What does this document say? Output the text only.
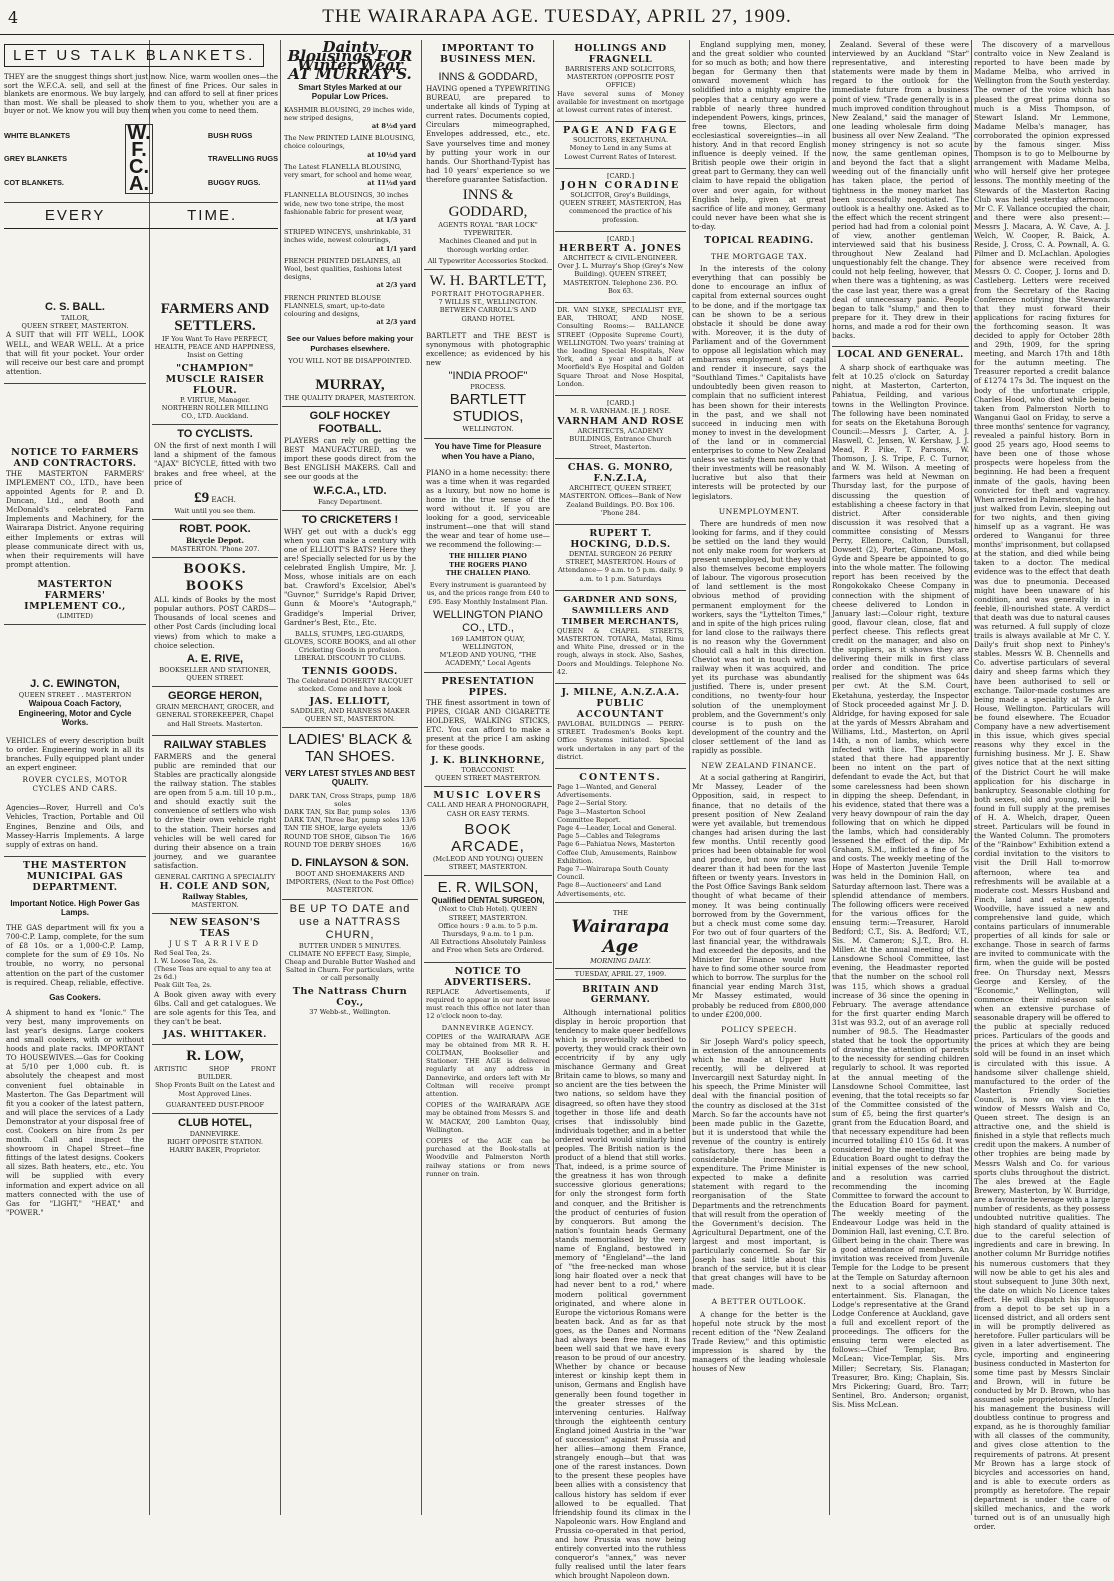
4	THE WAIRARAPA AGE. TUESDAY, APRIL 27, 1909.
LET US TALK BLANKETS.

THEY are the snuggest things short just now. Nice, warm woollen ones—the sort the W.F.C.A. sell, and sell at the finest of fine Prices. Our sales in blankets are enormous. We buy largely, and can afford to sell at finer prices than most. We shall be pleased to show them to you, whether you are a buyer or not. We know you will buy them when you come to need them.

WHITE BLANKETS
GREY BLANKETS
COT BLANKETS.
W.
F.
C.
A.
BUSH RUGS
TRAVELLING RUGS
BUGGY RUGS.
EVERY	TIME.
C. S. BALL.
TAILOR,
QUEEN STREET, MASTERTON.

A SUIT that will FIT WELL, LOOK WELL, and WEAR WELL. At a price that will fit your pocket. Your order will receive our best care and prompt attention.

NOTICE TO FARMERS AND CONTRACTORS.

THE MASTERTON FARMERS' IMPLEMENT CO., LTD., have been appointed Agents for P. and D. Duncan, Ltd., and Booth and McDonald's celebrated Farm Implements and Machinery, for the Wairarapa District. Anyone requiring either Implements or extras will please communicate direct with us, when their requirements will have prompt attention.

MASTERTON FARMERS' IMPLEMENT CO.,
(LIMITED)
J. C. EWINGTON,
QUEEN STREET . . MASTERTON
Waipoua Coach Factory, Engineering, Motor and Cycle Works.

VEHICLES of every description built to order. Engineering work in all its branches. Fully equipped plant under an expert engineer.

ROVER CYCLES, MOTOR CYCLES AND CARS.

Agencies—Rover, Hurrell and Co's Vehicles, Traction, Portable and Oil Engines, Benzine and Oils, and Massey-Harris Implements. A large supply of extras on hand.

THE MASTERTON MUNICIPAL GAS DEPARTMENT.
Important Notice. High Power Gas Lamps.

THE GAS department will fix you a 700-C.P. Lamp, complete, for the sum of £8 10s. or a 1,000-C.P. Lamp, complete for the sum of £9 10s. No trouble, no worry, no personal attention on the part of the customer is required. Cheap, reliable, effective.

Gas Cookers.

A shipment to hand ex "Ionic." The very best, many improvements on last year's designs. Large cookers and small cookers, with or without hoods and plate racks. IMPORTANT TO HOUSEWIVES.—Gas for Cooking at 5/10 per 1,000 cub. ft. is absolutely the cheapest and most convenient fuel obtainable in Masterton. The Gas Department will fit you a cooker of the latest pattern, and will place the services of a Lady Demonstrator at your disposal free of cost. Cookers on hire from 2s per month. Call and inspect the showroom in Chapel Street—fine fittings of the latest designs. Cookers all sizes. Bath heaters, etc., etc. You will be supplied with every information and expert advice on all matters connected with the use of Gas for "LIGHT," "HEAT," and "POWER."

FARMERS AND SETTLERS.

IF You Want To Have PERFECT, HEALTH, PEACE AND HAPPINESS, Insist on Getting

"CHAMPION" MUSCLE RAISER FLOUR.
P. VIRTUE, Manager.
NORTHERN ROLLER MILLING CO., LTD. Auckland.
TO CYCLISTS.

ON the first of next month I will land a shipment of the famous "AJAX" BICYCLE, fitted with two brakes and free wheel, at the price of

£9 EACH.
Wait until you see them.
ROBT. POOK.
Bicycle Depot.
MASTERTON. 'Phone 207.
BOOKS. BOOKS

ALL kinds of Books by the most popular authors. POST CARDS—Thousands of local scenes and other Post Cards (including local views) from which to make a choice selection.

A. E. RIVE,
BOOKSELLER AND STATIONER, QUEEN STREET.
GEORGE HERON,

GRAIN MERCHANT, GROCER, and GENERAL STOREKEEPER, Chapel and Hall Streets. Masterton.

RAILWAY STABLES

FARMERS and the general public are reminded that our Stables are practically alongside the railway station. The stables are open from 5 a.m. till 10 p.m., and should exactly suit the convenience of settlers who wish to drive their own vehicle right to the station. Their horses and vehicles will be well cared for during their absence on a train journey, and we guarantee satisfaction.

GENERAL CARTING A SPECIALITY
H. COLE AND SON,
Railway Stables,
MASTERTON.
NEW SEASON'S TEAS
JUST ARRIVED
Red Seal Tea, 2s.
I. W. Loose Tea, 2s.
(These Teas are equal to any tea at 2s 6d.)
Peak Gilt Tea, 2s.

A Book given away with every 6lbs. Call and get catalogues. We are sole agents for this Tea, and they can't be beat.

JAS. WHITTAKER.
R. LOW,
ARTISTIC	SHOP	FRONT
BUILDER.

Shop Fronts Built on the Latest and Most Approved Lines.

GUARANTEED DUST-PROOF
CLUB HOTEL,
DANNEVIRKE.
RIGHT OPPOSITE STATION.
HARRY BAKER, Proprietor.
Dainty Blousings FOR Winter Wear AT MURRAY'S.
Smart Styles Marked at our Popular Low Prices.
KASHMIR BLOUSING, 29 inches wide, new striped designs,
at 8½d yard
The New PRINTED LAINE BLOUSING, choice colourings,
at 10½d yard
The Latest FLANELLA BLOUSING, very smart, for school and home wear,
at 11½d yard
FLANNELLA BLOUSINGS, 30 inches wide, new two tone stripe, the most fashionable fabric for present wear,
at 1/3 yard
STRIPED WINCEYS, unshrinkable, 31 inches wide, newest colourings,
at 1/1 yard
FRENCH PRINTED DELAINES, all Wool, best qualities, fashions latest designs,
at 2/3 yard
FRENCH PRINTED BLOUSE FLANNELS, smart, up-to-date colouring and designs,
at 2/3 yard
See our Values before making your Purchases elsewhere.
YOU WILL NOT BE DISAPPOINTED.
MURRAY,
THE QUALITY DRAPER, MASTERTON.
GOLF HOCKEY FOOTBALL.

PLAYERS can rely on getting the BEST MANUFACTURED, as we import these goods direct from the Best ENGLISH MAKERS. Call and see our goods at the

W.F.C.A., LTD.
Fancy Department.
TO CRICKETERS !

WHY get out with a duck's egg when you can make a century with one of ELLIOTT'S BATS? Here they are! Specially selected for us by the celebrated English Umpire, Mr. J. Moss, whose initials are on each bat. Crawford's Excelsior, Abel's "Guvnor," Surridge's Rapid Driver, Gunn & Moore's "Autograph," Gradidge's Imperial Driver, Gardner's Best, Etc., Etc.

BALLS, STUMPS, LEG-GUARDS, GLOVES, SCORE BOOKS, and all other Cricketing Goods in profusion. LIBERAL DISCOUNT TO CLUBS.

TENNIS GOODS.

The Celebrated DOHERTY RACQUET stocked. Come and have a look

JAS. ELLIOTT,
SADDLER, AND HARNESS MAKER QUEEN ST., MASTERTON.
LADIES' BLACK & TAN SHOES.
VERY LATEST STYLES AND BEST QUALITY.
DARK TAN, Cross Straps, pump soles
18/6
DARK TAN, Six Bar, pump soles 13/6
DARK TAN, Three Bar, pump soles 13/6
TAN TIE SHOE, large eyelets	13/6
ROUND TOE SHOE, Gibson Tie 16/6
ROUND TOE DERBY SHOES	16/6
D. FINLAYSON & SON.
BOOT AND SHOEMAKERS AND IMPORTERS, (Next to the Post Office) MASTERTON.
BE UP TO DATE and use a NATTRASS CHURN,

BUTTER UNDER 5 MINUTES. CLIMATE NO EFFECT Easy, Simple, Cheap and Durable Butter Washed and Salted in Churn. For particulars, write or call personally

The Nattrass Churn Coy.,
37 Webb-st., Wellington.
IMPORTANT TO BUSINESS MEN.
INNS & GODDARD,

HAVING opened a TYPEWRITING BUREAU, are prepared to undertake all kinds of Typing at current rates. Documents copied, Circulars mimeographed, Envelopes addressed, etc., etc. Save yourselves time and money by putting your work in our hands. Our Shorthand-Typist has had 10 years' experience so we therefore guarantee Satisfaction.

INNS & GODDARD,
AGENTS ROYAL "BAR LOCK" TYPEWRITER.

Machines Cleaned and put in thorough working order.

All Typewriter Accessories Stocked.
W. H. BARTLETT,
PORTRAIT PHOTOGRAPHER.
7 WILLIS ST., WELLINGTON.
BETWEEN CARROLL'S AND GRAND HOTEL

BARTLETT and THE BEST is synonymous with photographic excellence; as evidenced by his new

"INDIA PROOF"
PROCESS.
BARTLETT STUDIOS,
WELLINGTON.
You have Time for Pleasure when You have a Piano,

PIANO in a home necessity: there was a time when it was regarded as a luxury, but now no home is home in the true sense of the word without it. If you are looking for a good, serviceable instrument—one that will stand the wear and tear of home use—we recommend the following:—

THE HILLIER PIANO
THE ROGERS PIANO
THE CHALLEN PIANO.

Every instrument is guaranteed by us, and the prices range from £40 to £95. Easy Monthly Instalment Plan.

WELLINGTON PIANO CO., LTD.,
169 LAMBTON QUAY, WELLINGTON,
M'LEOD AND YOUNG, "THE ACADEMY," Local Agents
PRESENTATION PIPES.

THE finest assortment in town of PIPES, CIGAR AND CIGARETTE HOLDERS, WALKING STICKS, ETC. You can afford to make a present at the price I am asking for these goods.

J. K. BLINKHORNE,
TOBACCONIST.
QUEEN STREET MASTERTON.
MUSIC LOVERS

CALL AND HEAR A PHONOGRAPH, CASH OR EASY TERMS.

BOOK ARCADE,
(McLEOD AND YOUNG) QUEEN STREET, MASTERTON.
E. R. WILSON,
Qualified DENTAL SURGEON,
(Next to Club Hotel). QUEEN STREET, MASTERTON.
Office hours : 9 a.m. to 5 p.m. Thursdays, 9 a.m. to 1 p.m.

All Extractions Absolutely Painless and Free when Sets are Ordered.

NOTICE TO ADVERTISERS.

REPLACE Advertisements, if required to appear in our next issue must reach this office not later than 12 o'clock noon to-day.

DANNEVIRKE AGENCY.

COPIES of the WAIRARAPA AGE may be obtained from MR R. H. COLTMAN, Bookseller and Stationer. THE AGE is delivered regularly at any address in Dannevirke, and orders left with Mr Coltman will receive prompt attention.

COPIES of the WAIRARAPA AGE may be obtained from Messrs S. and W. MACKAY, 200 Lambton Quay, Wellington.

COPIES of the AGE can be purchased at the Book-stalls at Woodville and Palmerston North railway stations or from news runner on train.

HOLLINGS AND FRAGNELL
BARRISTERS AND SOLICITORS, MASTERTON (OPPOSITE POST OFFICE)

Have several sums of Money available for investment on mortgage at lowest current rates of interest.

PAGE AND FAGE
SOLICITORS, EKETAHUNA.

Money to Lend in any Sums at Lowest Current Rates of Interest.

[CARD.]
JOHN CORADINE

SOLICITOR, Grey's Buildings, QUEEN STREET, MASTERTON, Has commenced the practice of his profession.

[CARD.]
HERBERT A. JONES
ARCHITECT & CIVIL-ENGINEER.

Over J. L. Murray's Shop (Grey's New Building). QUEEN STREET, MASTERTON. Telephone 236. P.O. Box 63.

DR. VAN SLYKE, SPECIALIST EYE, EAR, THROAT, AND NOSE. Consulting Rooms:— BALLANCE STREET (Opposite Supreme Court), WELLINGTON. Two years' training at the leading Special Hospitals, New York, and a year and a half at Moorfield's Eye Hospital and Golden Square Throat and Nose Hospital, London.

[CARD.]
M. R. VARNHAM. [E. J. ROSE.
VARNHAM AND ROSE

ARCHITECTS, ACADEMY BUILDINGS, Entrance Church Street, Masterton.

CHAS. G. MONRO, F.N.Z.I.A,

ARCHITECT, QUEEN STREET, MASTERTON. Offices—Bank of New Zealand Buildings. P.O. Box 106. 'Phone 284.

RUPERT T. HOCKING, D.D.S.

DENTAL SURGEON 26 PERRY STREET, MASTERTON. Hours of Attendance— 9 a.m. to 5 p.m. daily. 9 a.m. to 1 p.m. Saturdays

GARDNER AND SONS, SAWMILLERS AND TIMBER MERCHANTS,

QUEEN & CHAPEL STREETS, MASTERTON. TOTARA, Matai, Rimu and White Pine, dressed or in the rough, always in stock. Also, Sashes, Doors and Mouldings. Telephone No. 42.

J. MILNE, A.N.Z.A.A.
PUBLIC ACCOUNTANT

PAVLOBAL BUILDINGS — PERRY-STREET. Tradesmen's Books kept. Office Systems initiated. Special work undertaken in any part of the district.

CONTENTS.
Page 1—Wanted, and General Advertisements.
Page 2—Serial Story.
Page 3—Masterton School Committee Report.
Page 4—Leader, Local and General.
Page 5—Cables and Telegrams
Page 6—Pahiatua News, Masterton Coffee Club, Amusements, Rainbow Exhibition.
Page 7—Wairarapa South County Council.
Page 8—Auctioneers' and Land Advertisements, etc.
THE
Wairarapa Age
MORNING DAILY.
TUESDAY, APRIL 27, 1909.
BRITAIN AND GERMANY.

Although international politics display in heroic proportion that tendency to make queer bedfellows which is proverbially ascribed to poverty, they would crack their own eccentricity if by any ugly mischance Germany and Great Britain came to blows, so many and so ancient are the ties between the two nations, so seldom have they disagreed, so often have they stood together in those life and death crises that indissolubly bind individuals together, and in a better ordered world would similarly bind peoples. The British nation is the product of a blend that still works. That, indeed, is a prime source of the greatness it has won through successive glorious generations; for only the strongest form forth and conquer, and the Britisher is the product of centuries of fusion by conquerors. But among the nation's fountain heads Germany stands memorialised by the very name of England, bestowed in memory of "Engleland"—the land of "the free-necked man whose long hair floated over a neck that had never bent to a rod," where modern political government originated, and where alone in Europe the victorious Romans were beaten back. And as far as that goes, as the Danes and Normans had always been free men, it has been well said that we have every reason to be proud of our ancestry. Whether by chance or because interest or kinship kept them in unison, Germans and English have generally been found together in the greater stresses of the intervening centuries. Halfway through the eighteenth century England joined Austria in the "war of succession" against Prussia and her allies—among them France, strangely enough—but that was one of the rarest instances. Down to the present these peoples have been allies with a consistency that callous history has seldom if ever allowed to be equalled. That friendship found its climax in the Napoleonic wars. How England and Prussia co-operated in that period, and how Prussia was now being entirely converted into the ruthless conqueror's "annex," was never fully realised until the later fears which brought Napoleon down.

England supplying men, money, and the great soldier who counted for so much as both; and how there began for Germany then that onward movement which has solidified into a mighty empire the peoples that a century ago were a rabble of nearly three hundred independent Powers, kings, princes, free towns, Electors, and ecclesiastical sovereignties—in all history. And in that record English influence is deeply veined. If the British people owe their origin in great part to Germany, they can well claim to have repaid the obligation over and over again, for without English help, given at great sacrifice of life and money, Germany could never have been what she is to-day.

TOPICAL READING.
THE MORTGAGE TAX.

In the interests of the colony everything that can possibly be done to encourage an influx of capital from external sources ought to be done, and if the mortgage tax can be shown to be a serious obstacle it should be done away with. Moreover, it is the duty of Parliament and of the Government to oppose all legislation which may embarrass employment of capital and render it insecure, says the "Southland Times." Capitalists have undoubtedly been given reason to complain that no sufficient interest has been shown for their interests in the past, and we shall not succeed in inducing men with money to invest in the development of the land or in commercial enterprises to come to New Zealand unless we satisfy them not only that their investments will be reasonably lucrative but also that their interests will be protected by our legislators.

UNEMPLOYMENT.

There are hundreds of men now looking for farms, and if they could be settled on the land they would not only make room for workers at present unemployed, but they would also themselves become employers of labour. The vigorous prosecution of land settlement is the most obvious method of providing permanent employment for the workers, says the "Lyttelton Times," and in spite of the high prices ruling for land close to the railways there is no reason why the Government should call a halt in this direction. Cheviot was not in touch with the railway when it was acquired, and yet its purchase was abundantly justified. There is, under present conditions, no twenty-four hour solution of the unemployment problem, and the Government's only course is to push on the development of the country and the closer settlement of the land as rapidly as possible.

NEW ZEALAND FINANCE.

At a social gathering at Rangiriri, Mr Massey, Leader of the Opposition, said, in respect to finance, that no details of the present position of New Zealand were yet available, but tremendous changes had arisen during the last few months. Until recently good prices had been obtainable for wool and produce, but now money was dearer than it had been for the last fifteen or twenty years. Investors in the Post Office Savings Bank seldom thought of what became of their money. It was being continually borrowed from by the Government, but a check must come some day. For two out of four quarters of the last financial year, the withdrawals had exceeded the deposits, and the Minister for Finance would now have to find some other source from which to borrow. The surplus for the financial year ending March 31st, Mr Massey estimated, would probably be reduced from £800,000 to under £200,000.

POLICY SPEECH.

Sir Joseph Ward's policy speech, in extension of the announcements which he made at Upper Hutt recently, will be delivered at Invercargill next Saturday night. In his speech, the Prime Minister will deal with the financial position of the country as disclosed at the 31st March. So far the accounts have not been made public in the Gazette, but it is understood that while the revenue of the country is entirely satisfactory, there has been a considerable increase in expenditure. The Prime Minister is expected to make a definite statement with regard to the reorganisation of the State Departments and the retrenchments that will result from the operation of the Government's decision. The Agricultural Department, one of the largest and most important, is particularly concerned. So far Sir Joseph has said little about this branch of the service, but it is clear that great changes will have to be made.

A BETTER OUTLOOK.

A change for the better is the hopeful note struck by the most recent edition of the "New Zealand Trade Review," and this optimistic impression is shared by the managers of the leading wholesale houses of New

Zealand. Several of these were interviewed by an Auckland "Star" representative, and interesting statements were made by them in regard to the outlook for the immediate future from a business point of view. "Trade generally is in a much improved condition throughout New Zealand," said the manager of one leading wholesale firm doing business all over New Zealand. "The money stringency is not so acute now, the same gentleman opines, and beyond the fact that a slight weeding out of the financially unfit has taken place, the period of tightness in the money market has been successfully negotiated. The outlook is a healthy one. Asked as to the effect which the recent stringent period had had from a colonial point of view, another gentleman interviewed said that his business throughout New Zealand had unquestionably felt the change. They could not help feeling, however, that when there was a tightening, as was the case last year, there was a great deal of unnecessary panic. People began to talk "slump," and then to prepare for it. They drew in their horns, and made a rod for their own backs.

LOCAL AND GENERAL.

A sharp shock of earthquake was felt at 10.25 o'clock on Saturday night, at Masterton, Carterton, Pahiatua, Feilding, and various towns in the Wellington Province. The following have been nominated for seats on the Eketahuna Borough Council:—Messrs J. Carter, A. J. Haswell, C. Jensen, W. Kershaw, J. J. Mead, P. Pike, T. Parsons, W. Thomson, J. S. Tripe, F. C. Turnor, and W. M. Wilson. A meeting of farmers was held at Newman on Thursday last, for the purpose of discussing the question of establishing a cheese factory in that district. After considerable discussion it was resolved that a committee consisting of Messrs Perry, Ellenore, Calton, Dunstall, Dowsett (2), Porter, Ginnane, Moss, Gyde and Speare be appointed to go into the whole matter. The following report has been received by the Rongokokako Cheese Company in connection with the shipment of cheese delivered to London in January last:—Colour right, texture good, flavour clean, close, flat and perfect cheese. This reflects great credit on the manager, and also on the suppliers, as it shows they are delivering their milk in first class order and condition. The price realised for the shipment was 64s per cwt. At the S.M. Court, Eketahuna, yesterday, the Inspector of Stock proceeded against Mr J. D. Aldridge, for having exposed for sale at the yards of Messrs Abraham and Williams, Ltd., Masterton, on April 14th, a non of lambs, which were infected with lice. The inspector stated that there had apparently been no intent on the part of defendant to evade the Act, but that some carelessness had been shown in dipping the sheep. Defendant, in his evidence, stated that there was a very heavy downpour of rain the day following that on which he dipped the lambs, which had considerably lessened the effect of the dip. Mr Graham, S.M., inflicted a fine of 5s and costs. The weekly meeting of the Hope of Masterton Juvenile Temple was held in the Dominion Hall, on Saturday afternoon last. There was a splendid attendance of members. The following officers were received for the various offices for the ensuing term:—Treasurer, Harold Bedford; C.T., Sis. A. Bedford; V.T., Sis. M. Cameron; S.J.T., Bro. H. Miller. At the annual meeting of the Lansdowne School Committee, last evening, the Headmaster reported that the number on the school roll was 115, which shows a gradual increase of 36 since the opening in February. The average attendance for the first quarter ending March 31st was 93.2, out of an average roll number of 98.5. The Headmaster stated that he took the opportunity of drawing the attention of parents to the necessity for sending children regularly to school. It was reported at the annual meeting of the Lansdowne School Committee, last evening, that the total receipts so far of the Committee consisted of the sum of £5, being the first quarter's grant from the Education Board, and that necessary expenditure had been incurred totalling £10 15s 6d. It was considered by the meeting that the Education Board ought to defray the initial expenses of the new school, and a resolution was carried recommending the incoming Committee to forward the account to the Education Board for payment. The weekly meeting of the Endeavour Lodge was held in the Dominion Hall, last evening, C.T. Bro. Gilbert being in the chair. There was a good attendance of members. An invitation was received from Juvenile Temple for the Lodge to be present at the Temple on Saturday afternoon next to a social afternoon and entertainment. Sis. Flanagan, the Lodge's representative at the Grand Lodge Conference at Auckland, gave a full and excellent report of the proceedings. The officers for the ensuing term were elected as follows:—Chief Templar, Bro. McLean; Vice-Templar, Sis. Mrs Miller; Secretary, Sis. Flanagan; Treasurer, Bro. King; Chaplain, Sis. Mrs Pickering; Guard, Bro. Tarr; Sentinel, Bro. Anderson; organist, Sis. Miss McLean.

The discovery of a marvellous contralto voice in New Zealand is reported to have been made by Madame Melba, who arrived in Wellington from the South yesterday. The owner of the voice which has pleased the great prima donna so much is a Miss Thompson, of Stewart Island. Mr Lemmone, Madame Melba's manager, has corroborated the opinion expressed by the famous singer. Miss Thompson is to go to Melbourne by arrangement with Madame Melba, who will herself give her protegee lessons. The monthly meeting of the Stewards of the Masterton Racing Club was held yesterday afternoon. Mr C. F. Vallance occupied the chair, and there were also present:—Messrs J. Macara, A. W. Cave, A. J. Welch, W. Cooper, R. Baick, A. Reside, J. Cross, C. A. Pownall, A. G. Pilmer and D. McLachlan. Apologies for absence were received from Messrs O. C. Cooper, J. Iorns and D. Castleberg. Letters were received from the Secretary of the Racing Conference notifying the Stewards that they must forward their applications for racing fixtures for the forthcoming season. It was decided to apply for October 28th and 29th, 1909, for the spring meeting, and March 17th and 18th for the autumn meeting. The Treasurer reported a credit balance of £1274 17s 3d. The inquest on the body of the unfortunate cripple, Charles Hood, who died while being taken from Palmerston North to Wanganui Gaol on Friday, to serve a three months' sentence for vagrancy, revealed a painful history. Born in good 25 years ago, Hood seems to have been one of those whose prospects were hopeless from the beginning. He had been a frequent inmate of the gaols, having been convicted for theft and vagrancy. When arrested in Palmerston, he had just walked from Levin, sleeping out for two nights, and then giving himself up as a vagrant. He was ordered to Wanganui for three months' imprisonment, but collapsed at the station, and died while being taken to a doctor. The medical evidence was to the effect that death was due to pneumonia. Deceased might have been unaware of his condition, and was generally in a feeble, ill-nourished state. A verdict that death was due to natural causes was returned. A full supply of cloze trails is always available at Mr C. Y. Daily's fruit shop next to Pinhey's stables. Messrs W. B. Chennells and Co. advertise particulars of several dairy and sheep farms which they have been authorised to sell or exchange. Tailor-made costumes are being made a speciality at Te Aro House, Wellington. Particulars will be found elsewhere. The Ecuador Company have a new advertisement in this issue, which gives special reasons why they excel in the furnishing business. Mr J. E. Shaw gives notice that at the next sitting of the District Court he will make application for his discharge in bankruptcy. Seasonable clothing for both sexes, old and young, will be found in full supply at the premises of H. A. Whelch, draper, Queen street. Particulars will be found in the Wanted Column. The promoters of the "Rainbow" Exhibition extend a cordial invitation to the visitors to visit the Drill Hall to-morrow afternoon, where tea and refreshments will be available at a moderate cost. Messrs Husband and Finch, land and estate agents, Woodville, have issued a new and comprehensive land guide, which contains particulars of innumerable properties of all kinds for sale or exchange. Those in search of farms are invited to communicate with the firm, when the guide will be posted free. On Thursday next, Messrs George and Kersley, of the "Economic," Wellington, will commence their mid-season sale when an extensive purchase of seasonable drapery will be offered to the public at specially reduced prices. Particulars of the goods and the prices at which they are being sold will be found in an inset which is circulated with this issue. A handsome silver challenge shield, manufactured to the order of the Masterton Friendly Societies Council, is now on view in the window of Messrs Walsh and Co, Queen street. The design is an attractive one, and the shield is finished in a style that reflects much credit upon the makers. A number of other trophies are being made by Messrs Walsh and Co. for various sports clubs throughout the district. The ales brewed at the Eagle Brewery, Masterton, by W. Burridge, are a favourite beverage with a large number of residents, as they possess undoubted nutritive qualities. The high standard of quality attained is due to the careful selection of ingredients and care in brewing. In another column Mr Burridge notifies his numerous customers that they will now be able to get his ales and stout subsequent to June 30th next, the date on which No Licence takes effect. He will dispatch his liquors from a depot to be set up in a licensed district, and all orders sent in will be promptly delivered as heretofore. Fuller particulars will be given in a later advertisement. The cycle, importing and engineering business conducted in Masterton for some time past by Messrs Sinclair and Brown, will in future be conducted by Mr D. Brown, who has assumed sole proprietorship. Under his management the business will doubtless continue to progress and expand, as he is thoroughly familiar with all classes of the community, and gives close attention to the requirements of patrons. At present Mr Brown has a large stock of bicycles and accessories on hand, and is able to execute orders as promptly as heretofore. The repair department is under the care of skilled mechanics, and the work turned out is of an unusually high order.
